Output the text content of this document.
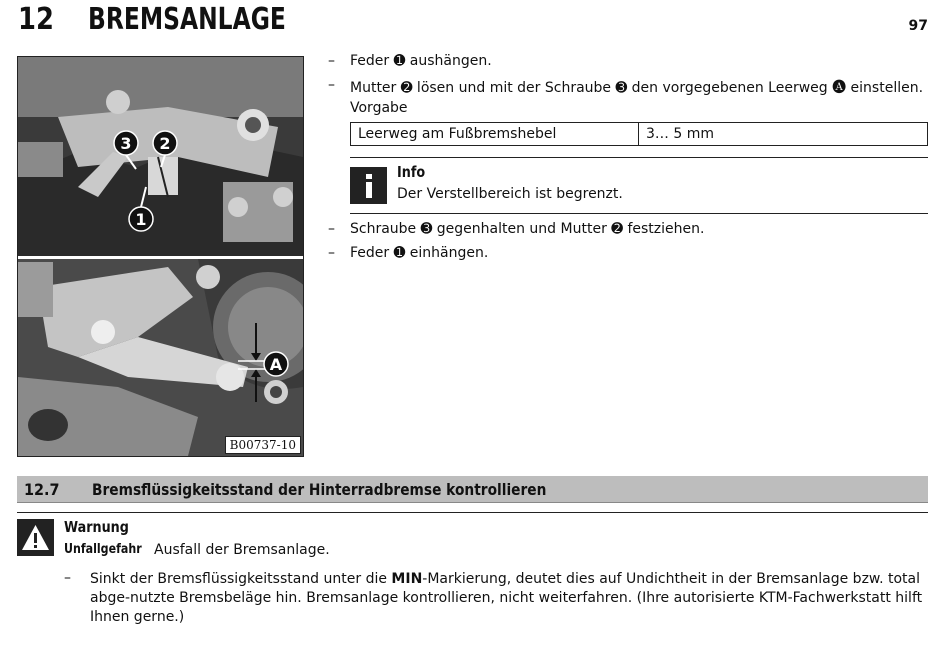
12 BREMSANLAGE	97
3 2
1
A
B00737-10
– Feder ➊ aushängen.
– Mutter ➋ lösen und mit der Schraube ➌ den vorgegebenen Leerweg 🅐 einstellen.
Vorgabe
Leerweg am Fußbremshebel	3… 5 mm
Info
Der Verstellbereich ist begrenzt.
– Schraube ➌ gegenhalten und Mutter ➋ festziehen.
– Feder ➊ einhängen.
12.7 Bremsflüssigkeitsstand der Hinterradbremse kontrollieren
Warnung
Unfallgefahr Ausfall der Bremsanlage.
– Sinkt der Bremsflüssigkeitsstand unter die MIN-Markierung, deutet dies auf Undichtheit in der Bremsanlage bzw. total abge-nutzte Bremsbeläge hin. Bremsanlage kontrollieren, nicht weiterfahren. (Ihre autorisierte KTM-Fachwerkstatt hilft Ihnen gerne.)
